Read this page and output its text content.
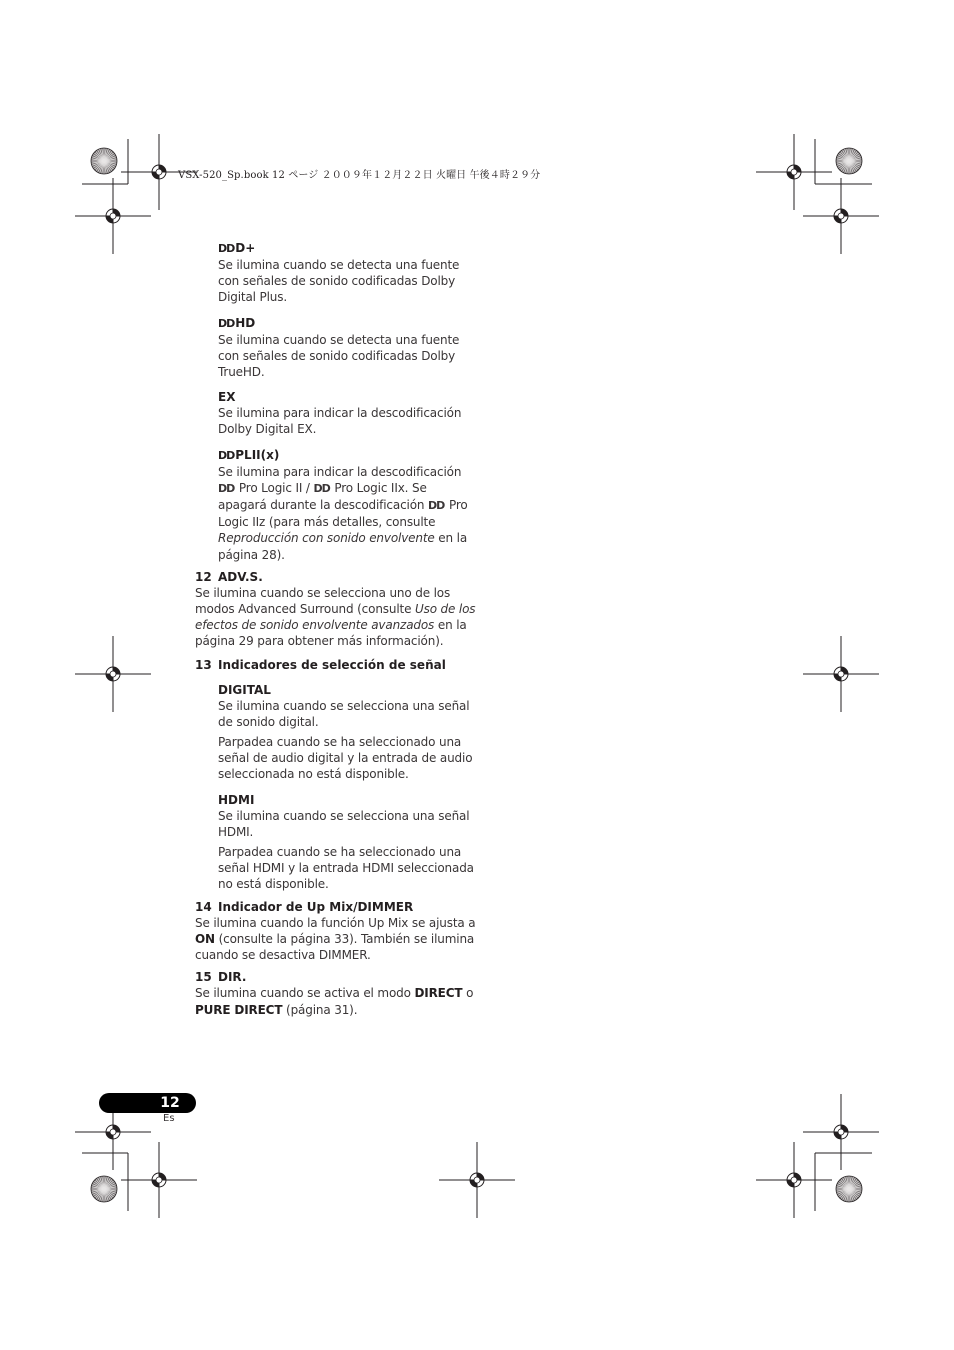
VSX-520_Sp.book 12 ページ ２００９年１２月２２日 火曜日 午後４時２９分
DDD+

Se ilumina cuando se detecta una fuente con señales de sonido codificadas Dolby Digital Plus.

DDHD

Se ilumina cuando se detecta una fuente con señales de sonido codificadas Dolby TrueHD.

EX

Se ilumina para indicar la descodificación Dolby Digital EX.

DDPLII(x)

Se ilumina para indicar la descodificación DD Pro Logic II / DD Pro Logic IIx. Se apagará durante la descodificación DD Pro Logic IIz (para más detalles, consulte Reproducción con sonido envolvente en la página 28).

12 ADV.S.

Se ilumina cuando se selecciona uno de los modos Advanced Surround (consulte Uso de los efectos de sonido envolvente avanzados en la página 29 para obtener más información).

13 Indicadores de selección de señal
DIGITAL

Se ilumina cuando se selecciona una señal de sonido digital.

Parpadea cuando se ha seleccionado una señal de audio digital y la entrada de audio seleccionada no está disponible.

HDMI

Se ilumina cuando se selecciona una señal HDMI.

Parpadea cuando se ha seleccionado una señal HDMI y la entrada HDMI seleccionada no está disponible.

14 Indicador de Up Mix/DIMMER

Se ilumina cuando la función Up Mix se ajusta a ON (consulte la página 33). También se ilumina cuando se desactiva DIMMER.

15 DIR.

Se ilumina cuando se activa el modo DIRECT o PURE DIRECT (página 31).

12
Es
